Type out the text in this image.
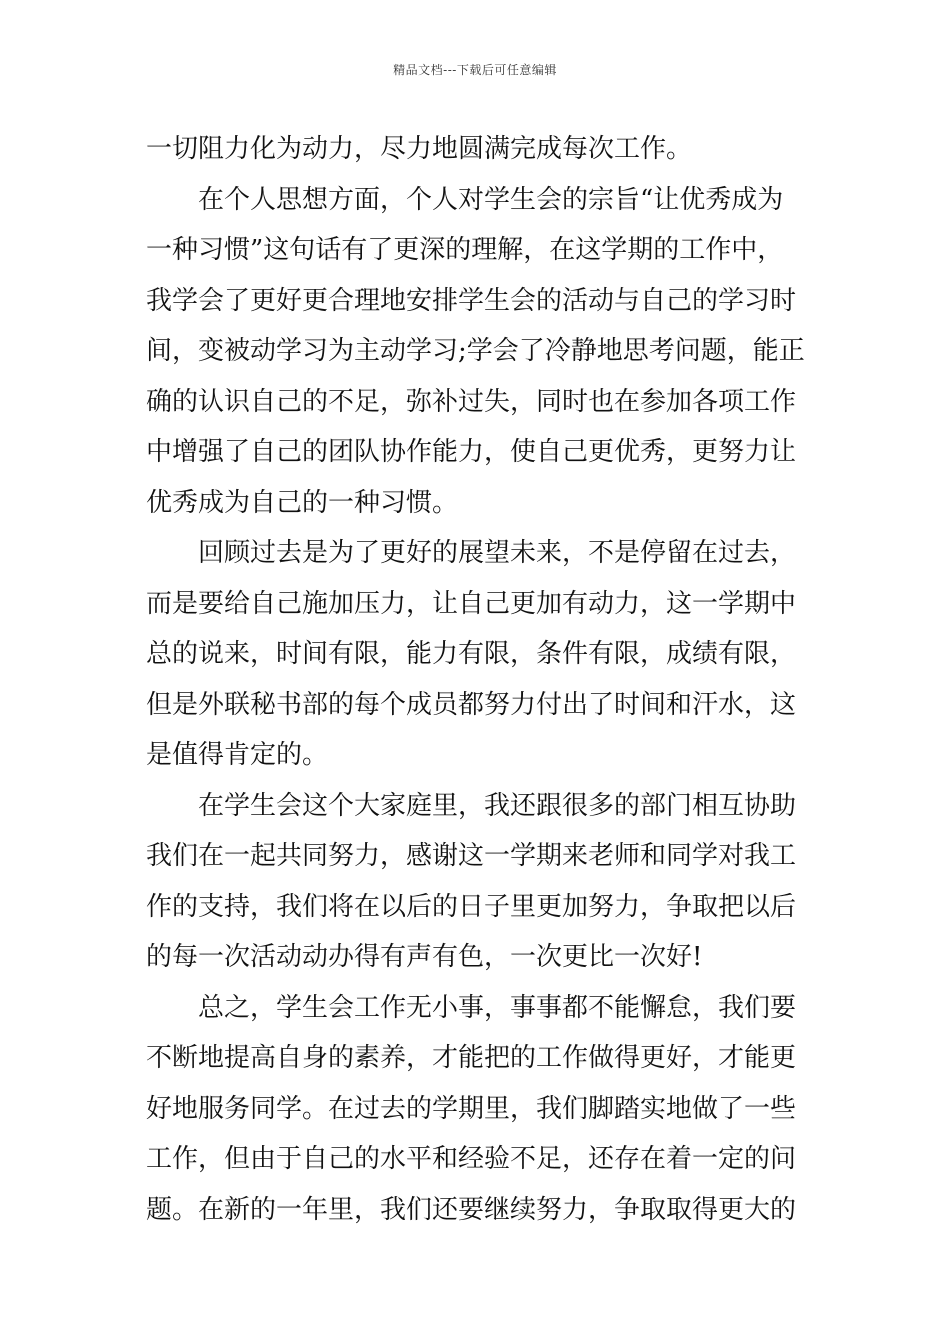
精品文档---下载后可任意编辑
一切阻力化为动力，尽力地圆满完成每次工作。
在个人思想方面，个人对学生会的宗旨“让优秀成为
一种习惯”这句话有了更深的理解，在这学期的工作中，
我学会了更好更合理地安排学生会的活动与自己的学习时
间，变被动学习为主动学习;学会了冷静地思考问题，能正
确的认识自己的不足，弥补过失，同时也在参加各项工作
中增强了自己的团队协作能力，使自己更优秀，更努力让
优秀成为自己的一种习惯。
回顾过去是为了更好的展望未来，不是停留在过去，
而是要给自己施加压力，让自己更加有动力，这一学期中
总的说来，时间有限，能力有限，条件有限，成绩有限，
但是外联秘书部的每个成员都努力付出了时间和汗水，这
是值得肯定的。
在学生会这个大家庭里，我还跟很多的部门相互协助
我们在一起共同努力，感谢这一学期来老师和同学对我工
作的支持，我们将在以后的日子里更加努力，争取把以后
的每一次活动动办得有声有色，一次更比一次好!
总之，学生会工作无小事，事事都不能懈怠，我们要
不断地提高自身的素养，才能把的工作做得更好，才能更
好地服务同学。在过去的学期里，我们脚踏实地做了一些
工作，但由于自己的水平和经验不足，还存在着一定的问
题。在新的一年里，我们还要继续努力，争取取得更大的
